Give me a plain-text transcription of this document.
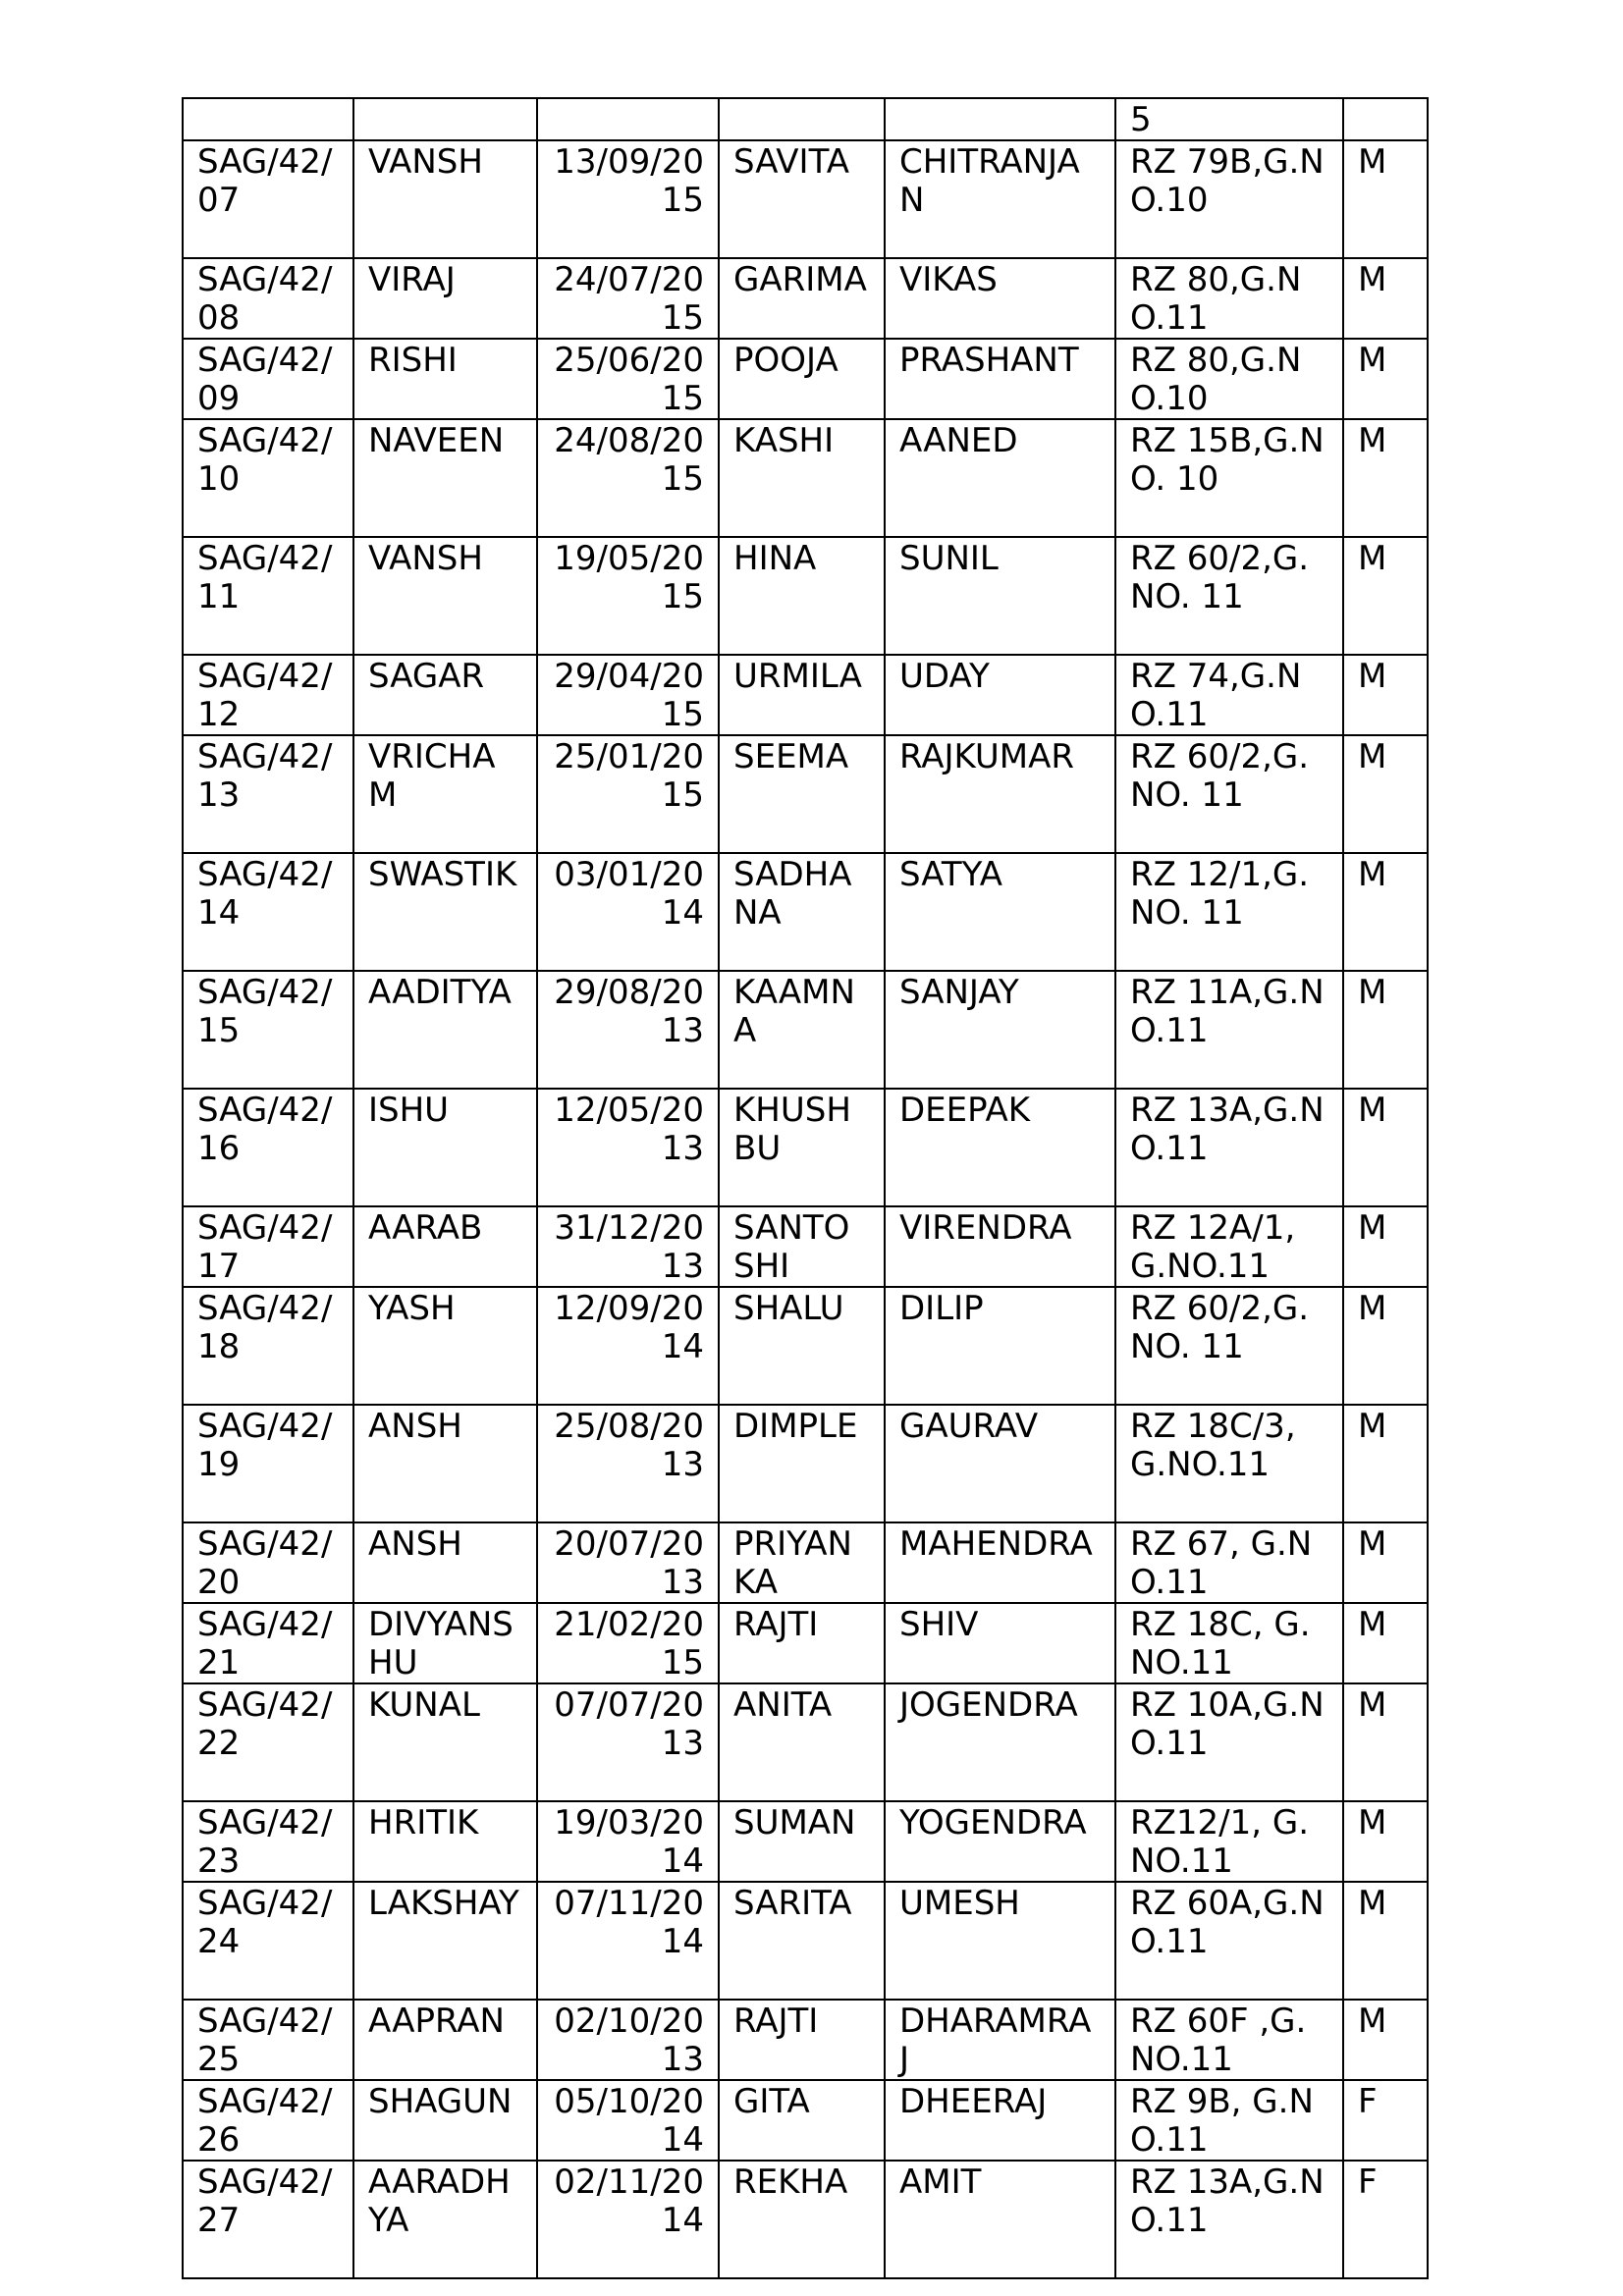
					5	
SAG/42/07	VANSH	13/09/2015	SAVITA	CHITRANJAN	RZ 79B,G.NO.10	M
SAG/42/08	VIRAJ	24/07/2015	GARIMA	VIKAS	RZ 80,G.NO.11	M
SAG/42/09	RISHI	25/06/2015	POOJA	PRASHANT	RZ 80,G.NO.10	M
SAG/42/10	NAVEEN	24/08/2015	KASHI	AANED	RZ 15B,G.NO. 10	M
SAG/42/11	VANSH	19/05/2015	HINA	SUNIL	RZ 60/2,G.NO. 11	M
SAG/42/12	SAGAR	29/04/2015	URMILA	UDAY	RZ 74,G.NO.11	M
SAG/42/13	VRICHAM	25/01/2015	SEEMA	RAJKUMAR	RZ 60/2,G.NO. 11	M
SAG/42/14	SWASTIK	03/01/2014	SADHANA	SATYA	RZ 12/1,G.NO. 11	M
SAG/42/15	AADITYA	29/08/2013	KAAMNA	SANJAY	RZ 11A,G.NO.11	M
SAG/42/16	ISHU	12/05/2013	KHUSHBU	DEEPAK	RZ 13A,G.NO.11	M
SAG/42/17	AARAB	31/12/2013	SANTOSHI	VIRENDRA	RZ 12A/1, G.NO.11	M
SAG/42/18	YASH	12/09/2014	SHALU	DILIP	RZ 60/2,G.NO. 11	M
SAG/42/19	ANSH	25/08/2013	DIMPLE	GAURAV	RZ 18C/3,G.NO.11	M
SAG/42/20	ANSH	20/07/2013	PRIYANKA	MAHENDRA	RZ 67, G.NO.11	M
SAG/42/21	DIVYANSHU	21/02/2015	RAJTI	SHIV	RZ 18C, G.NO.11	M
SAG/42/22	KUNAL	07/07/2013	ANITA	JOGENDRA	RZ 10A,G.NO.11	M
SAG/42/23	HRITIK	19/03/2014	SUMAN	YOGENDRA	RZ12/1, G.NO.11	M
SAG/42/24	LAKSHAY	07/11/2014	SARITA	UMESH	RZ 60A,G.NO.11	M
SAG/42/25	AAPRAN	02/10/2013	RAJTI	DHARAMRAJ	RZ 60F ,G.NO.11	M
SAG/42/26	SHAGUN	05/10/2014	GITA	DHEERAJ	RZ 9B, G.NO.11	F
SAG/42/27	AARADHYA	02/11/2014	REKHA	AMIT	RZ 13A,G.NO.11	F
